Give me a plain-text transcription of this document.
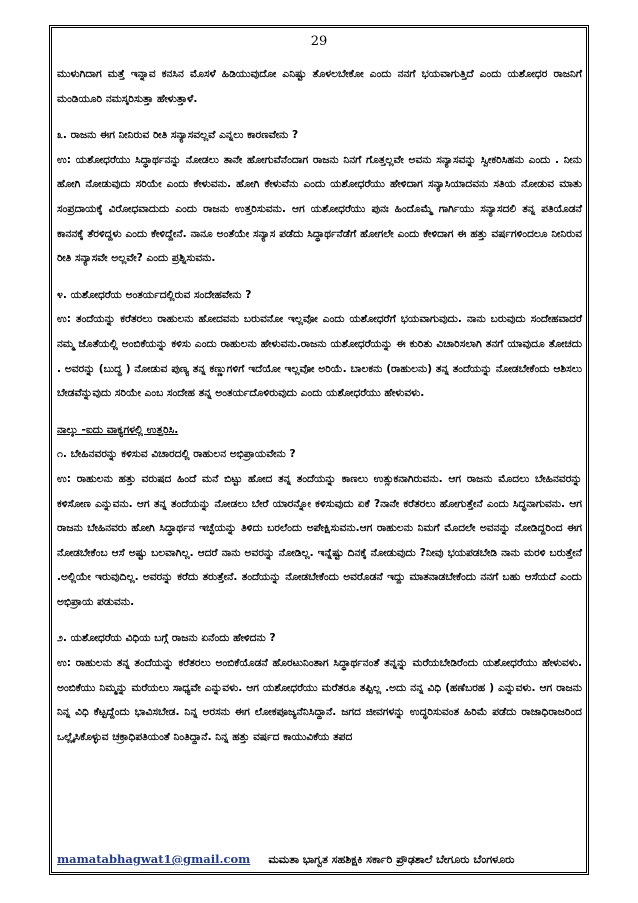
29

ಮುಳುಗಿದಾಗ ಮತ್ತೆ ಇನ್ನಾವ ಕನಸಿನ ಮೊಸಳೆ ಹಿಡಿಯುವುದೋ ಎನಿಷ್ಟು ತೊಳಲಬೇಕೋ ಎಂದು ನನಗೆ ಭಯವಾಗುತ್ತಿದೆ ಎಂದು ಯಶೋಧರ ರಾಜನಿಗೆ ಮಂಡಿಯೂರಿ ನಮಸ್ಕರಿಸುತ್ತಾ ಹೇಳುತ್ತಾಳೆ.

೩. ರಾಜನು ಈಗ ನೀನಿರುವ ರೀತಿ ಸನ್ಯಾಸವಲ್ಲವೆ ಎನ್ನಲು ಕಾರಣವೇನು ?

ಉ: ಯಶೋಧರೆಯು ಸಿದ್ಧಾರ್ಥನನ್ನು ನೋಡಲು ತಾನೇ ಹೋಗುವೆನೆಂದಾಗ ರಾಜನು ನಿನಗೆ ಗೊತ್ತಲ್ಲವೇ ಅವನು ಸನ್ಯಾಸವನ್ನು ಸ್ವೀಕರಿಸಿಹನು ಎಂದು . ನೀನು ಹೋಗಿ ನೋಡುವುದು ಸರಿಯೇ ಎಂದು ಕೇಳುವನು. ಹೋಗಿ ಕೇಳುವೆನು ಎಂದು ಯಶೋಧರೆಯು ಹೇಳಿದಾಗ ಸನ್ಯಾಸಿಯಾದವನು ಸತಿಯ ನೋಡುವ ಮಾತು ಸಂಪ್ರದಾಯಕ್ಕೆ ವಿರೋಧವಾದುದು ಎಂದು ರಾಜನು ಉತ್ತರಿಸುವನು. ಆಗ ಯಶೋಧರೆಯು ಪುನಃ ಹಿಂದೊಮ್ಮೆ ಗಾರ್ಗಿಯು ಸನ್ಯಾಸದಲಿ ತನ್ನ ಪತಿಯೊಡನೆ ಕಾನನಕ್ಕೆ ತೆರಳಿದ್ದಳು ಎಂದು ಕೇಳಿದ್ದೇನೆ. ನಾನೂ ಅಂತೆಯೇ ಸನ್ಯಾಸ ಪಡೆದು ಸಿದ್ಧಾರ್ಥನೆಡೆಗೆ ಹೋಗಲೇ ಎಂದು ಕೇಳಿದಾಗ ಈ ಹತ್ತು ವರ್ಷಗಳಿಂದಲೂ ನೀನಿರುವ ರೀತಿ ಸನ್ಯಾಸವೇ ಅಲ್ಲವೇ? ಎಂದು ಪ್ರಶ್ನಿಸುವನು.

೪. ಯಶೋಧರೆಯ ಅಂತರ್ಯದಲ್ಲಿರುವ ಸಂದೇಹವೇನು ?

ಉ: ತಂದೆಯನ್ನು ಕರೆತರಲು ರಾಹುಲನು ಹೋದವನು ಬರುವನೋ ಇಲ್ಲವೋ ಎಂದು ಯಶೋಧರೆಗೆ ಭಯವಾಗುವುದು. ನಾನು ಬರುವುದು ಸಂದೇಹವಾದರೆ ನಮ್ಮ ಜೊತೆಯಲ್ಲಿ ಅಂಬಿಕೆಯನ್ನು ಕಳಿಸು ಎಂದು ರಾಹುಲನು ಹೇಳುವನು.ರಾಜನು ಯಶೋಧರೆಯನ್ನು ಈ ಕುರಿತು ವಿಚಾರಿಸಲಾಗಿ ತನಗೆ ಯಾವುದೂ ತೋಚದು . ಅವರನ್ನು (ಬುದ್ಧ ) ನೋಡುವ ಪುಣ್ಯ ತನ್ನ ಕಣ್ಣುಗಳಿಗೆ ಇದೆಯೋ ಇಲ್ಲವೋ ಅರಿಯೆ. ಬಾಲಕನು (ರಾಹುಲನು) ತನ್ನ ತಂದೆಯನ್ನು ನೋಡಬೇಕೆಂದು ಆಶಿಸಲು ಬೇಡವೆನ್ನುವುದು ಸರಿಯೇ ಎಂಬ ಸಂದೇಹ ತನ್ನ ಅಂತರ್ಯದೊಳಿರುವುದು ಎಂದು ಯಶೋಧರೆಯು ಹೇಳುವಳು.

ನಾಲ್ಕು -ಐದು ವಾಕ್ಯಗಳಲ್ಲಿ ಉತ್ತರಿಸಿ.

೧. ಬೇಹಿನವರನ್ನು ಕಳಿಸುವ ವಿಚಾರದಲ್ಲಿ ರಾಹುಲನ ಅಭಿಪ್ರಾಯವೇನು ?

ಉ: ರಾಹುಲನು ಹತ್ತು ವರುಷದ ಹಿಂದೆ ಮನೆ ಬಿಟ್ಟು ಹೋದ ತನ್ನ ತಂದೆಯನ್ನು ಕಾಣಲು ಉತ್ಸುಕನಾಗಿರುವನು. ಆಗ ರಾಜನು ಮೊದಲು ಬೇಹಿನವರನ್ನು ಕಳಿಸೋಣ ಎನ್ನುವನು. ಆಗ ತನ್ನ ತಂದೆಯನ್ನು ನೋಡಲು ಬೇರೆ ಯಾರನ್ನೋ ಕಳಿಸುವುದು ಏಕೆ ?ನಾನೇ ಕರೆತರಲು ಹೋಗುತ್ತೇನೆ ಎಂದು ಸಿದ್ಧನಾಗುವನು. ಆಗ ರಾಜನು ಬೇಹಿನವರು ಹೋಗಿ ಸಿದ್ಧಾರ್ಥನ ಇಚ್ಛೆಯನ್ನು ತಿಳಿದು ಬರಲೆಂದು ಅಪೇಕ್ಷಿಸುವನು.ಆಗ ರಾಹುಲನು ನಿಮಗೆ ಮೊದಲೇ ಅವನನ್ನು ನೋಡಿದ್ದರಿಂದ ಈಗ ನೋಡಬೇಕೆಂಬ ಆಸೆ ಅಷ್ಟು ಬಲವಾಗಿಲ್ಲ. ಆದರೆ ನಾನು ಅವರನ್ನು ನೋಡಿಲ್ಲ. ಇನ್ನೆಷ್ಟು ದಿನಕ್ಕೆ ನೋಡುವುದು ?ನೀವು ಭಯಪಡಬೇಡಿ ನಾನು ಮರಳಿ ಬರುತ್ತೇನೆ .ಅಲ್ಲಿಯೇ ಇರುವುದಿಲ್ಲ. ಅವರನ್ನು ಕರೆದು ತರುತ್ತೇನೆ. ತಂದೆಯನ್ನು ನೋಡಬೇಕೆಂದು ಅವರೊಡನೆ ಇದ್ದು ಮಾತನಾಡಬೇಕೆಂದು ನನಗೆ ಬಹು ಆಸೆಯದೆ ಎಂದು ಅಭಿಪ್ರಾಯ ಪಡುವನು.

೨. ಯಶೋಧರೆಯ ವಿಧಿಯ ಬಗ್ಗೆ ರಾಜನು ಏನೆಂದು ಹೇಳಿದನು ?

ಉ: ರಾಹುಲನು ತನ್ನ ತಂದೆಯನ್ನು ಕರೆತರಲು ಅಂಬಿಕೆಯೊಡನೆ ಹೊರಟುನಿಂತಾಗ ಸಿದ್ಧಾರ್ಥನಂತೆ ತನ್ನನ್ನು ಮರೆಯಬೇಡಿರೆಂದು ಯಶೋಧರೆಯು ಹೇಳುವಳು. ಅಂಬಿಕೆಯು ನಿಮ್ಮನ್ನು ಮರೆಯಲು ಸಾಧ್ಯವೇ ಎನ್ನುವಳು. ಆಗ ಯಶೋಧರೆಯು ಮರೆತರೂ ತಪ್ಪಿಲ್ಲ .ಅದು ನನ್ನ ವಿಧಿ (ಹಣೆಬರಹ ) ಎನ್ನುವಳು. ಆಗ ರಾಜನು ನಿನ್ನ ವಿಧಿ ಕೆಟ್ಟದ್ದೆಂದು ಭಾವಿಸಬೇಡ. ನಿನ್ನ ಅರಸನು ಈಗ ಲೋಕಪೂಜ್ಯನೆನಿಸಿದ್ದಾನೆ. ಜಗದ ಜೀವಗಳನ್ನು ಉದ್ಧರಿಸುವಂತ ಹಿರಿಮೆ ಪಡೆದು ರಾಜಾಧಿರಾಜರಿಂದ ಒಲ್ಲೈಸಿಕೊಳ್ಳುವ ಚಕ್ರಾಧಿಪತಿಯಂತೆ ನಿಂತಿದ್ದಾನೆ. ನಿನ್ನ ಹತ್ತು ವರ್ಷದ ಕಾಯುವಿಕೆಯ ತಪದ

mamatabhagwat1@gmail.com ಮಮತಾ ಭಾಗ್ವತ ಸಹಶಿಕ್ಷಕಿ ಸರ್ಕಾರಿ ಪ್ರೌಢಶಾಲೆ ಬೇಗೂರು ಬೆಂಗಳೂರು
